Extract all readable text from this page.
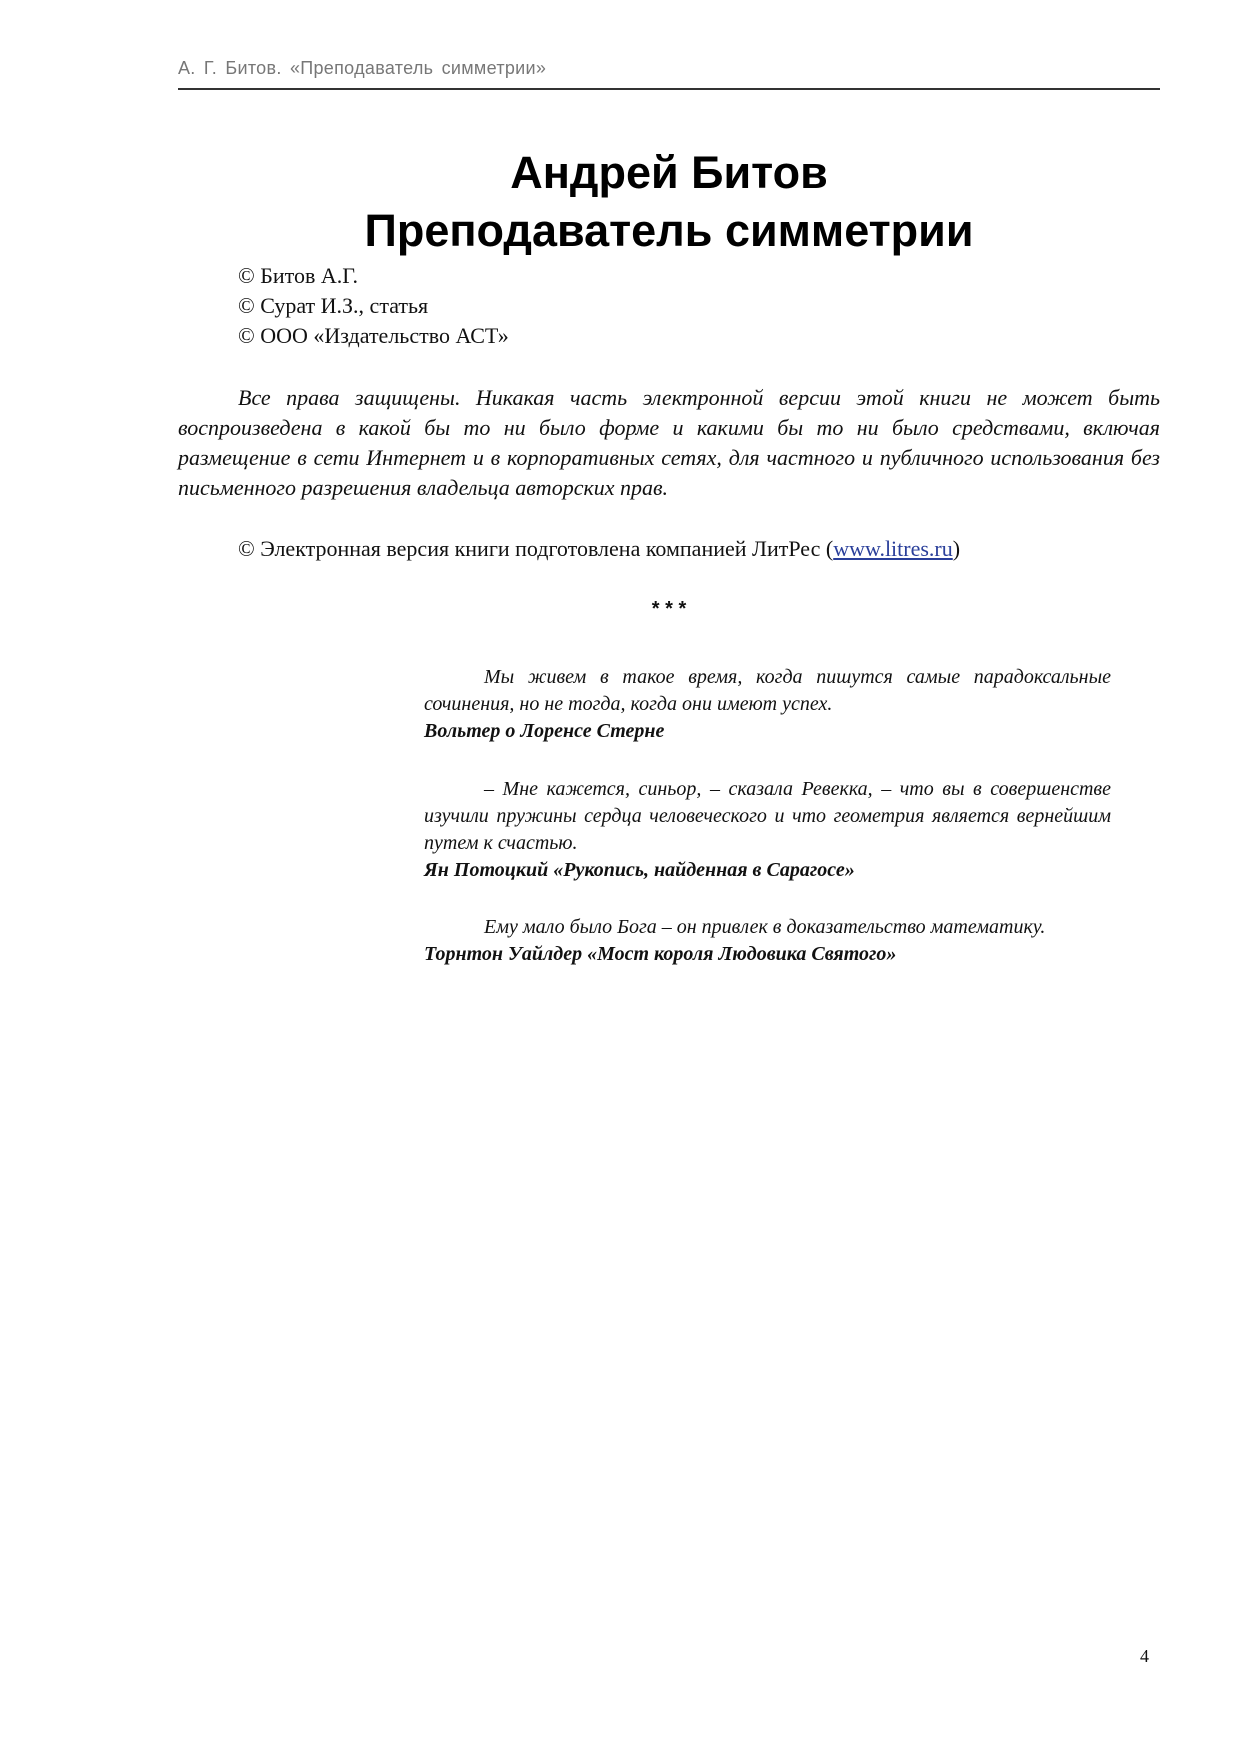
А. Г. Битов. «Преподаватель симметрии»
Андрей Битов
Преподаватель симметрии
© Битов А.Г.
© Сурат И.З., статья
© ООО «Издательство АСТ»
Все права защищены. Никакая часть электронной версии этой книги не может быть воспроизведена в какой бы то ни было форме и какими бы то ни было средствами, включая размещение в сети Интернет и в корпоративных сетях, для частного и публичного использования без письменного разрешения владельца авторских прав.
© Электронная версия книги подготовлена компанией ЛитРес (www.litres.ru)
* * *
Мы живем в такое время, когда пишутся самые парадоксальные сочинения, но не тогда, когда они имеют успех.
Вольтер о Лоренсе Стерне
– Мне кажется, синьор, – сказала Ревекка, – что вы в совершенстве изучили пружины сердца человеческого и что геометрия является вернейшим путем к счастью.
Ян Потоцкий «Рукопись, найденная в Сарагосе»
Ему мало было Бога – он привлек в доказательство математику.
Торнтон Уайлдер «Мост короля Людовика Святого»
4
